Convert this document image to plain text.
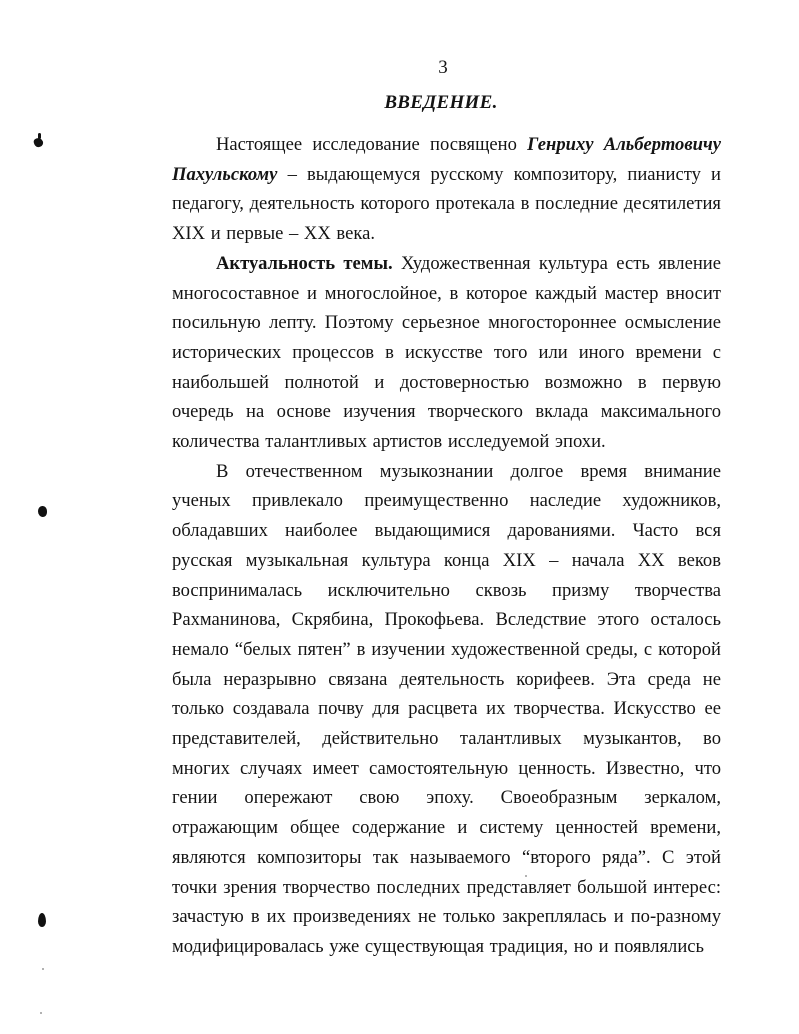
3
ВВЕДЕНИЕ.

Настоящее исследование посвящено Генриху Альбертовичу Пахульскому – выдающемуся русскому композитору, пианисту и педагогу, деятельность которого протекала в последние десятилетия XIX и первые – XX века.

Актуальность темы. Художественная культура есть явление многосоставное и многослойное, в которое каждый мастер вносит посильную лепту. Поэтому серьезное многостороннее осмысление исторических процессов в искусстве того или иного времени с наибольшей полнотой и достоверностью возможно в первую очередь на основе изучения творческого вклада максимального количества талантливых артистов исследуемой эпохи.

В отечественном музыкознании долгое время внимание ученых привлекало преимущественно наследие художников, обладавших наиболее выдающимися дарованиями. Часто вся русская музыкальная культура конца XIX – начала XX веков воспринималась исключительно сквозь призму творчества Рахманинова, Скрябина, Прокофьева. Вследствие этого осталось немало “белых пятен” в изучении художественной среды, с которой была неразрывно связана деятельность корифеев. Эта среда не только создавала почву для расцвета их творчества. Искусство ее представителей, действительно талантливых музыкантов, во многих случаях имеет самостоятельную ценность. Известно, что гении опережают свою эпоху. Своеобразным зеркалом, отражающим общее содержание и систему ценностей времени, являются композиторы так называемого “второго ряда”. С этой точки зрения творчество последних представляет большой интерес: зачастую в их произведениях не только закреплялась и по-разному модифицировалась уже существующая традиция, но и появлялись
